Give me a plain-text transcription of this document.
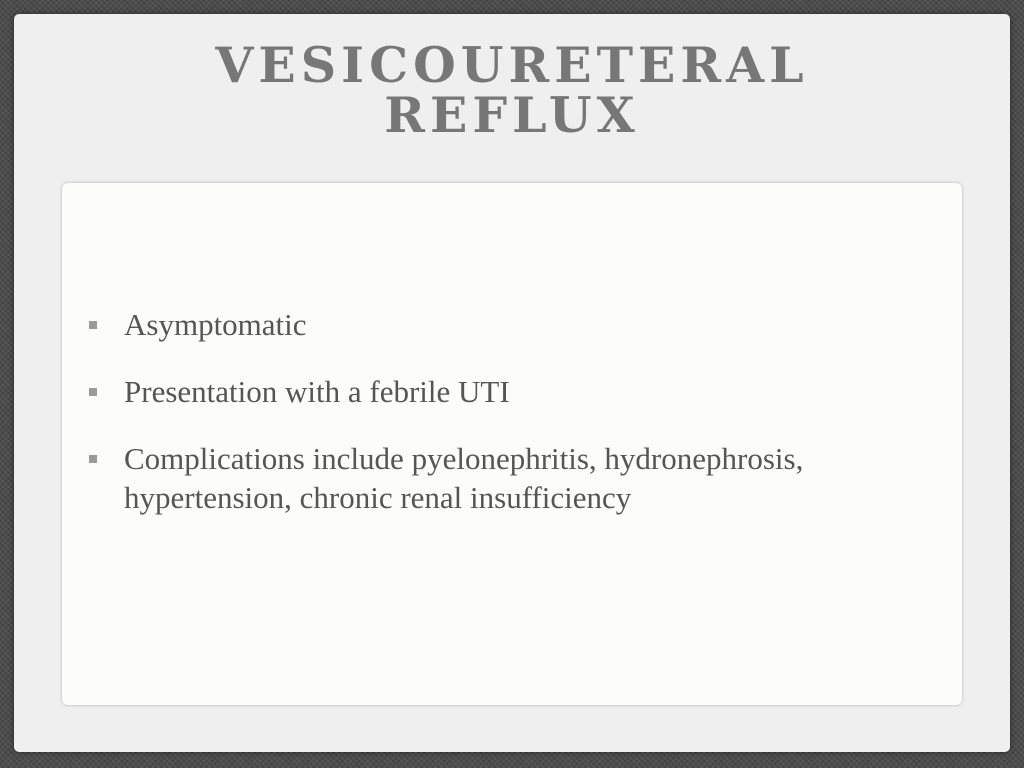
VESICOURETERAL
REFLUX
Asymptomatic
Presentation with a febrile UTI
Complications include pyelonephritis, hydronephrosis, hypertension, chronic renal insufficiency
